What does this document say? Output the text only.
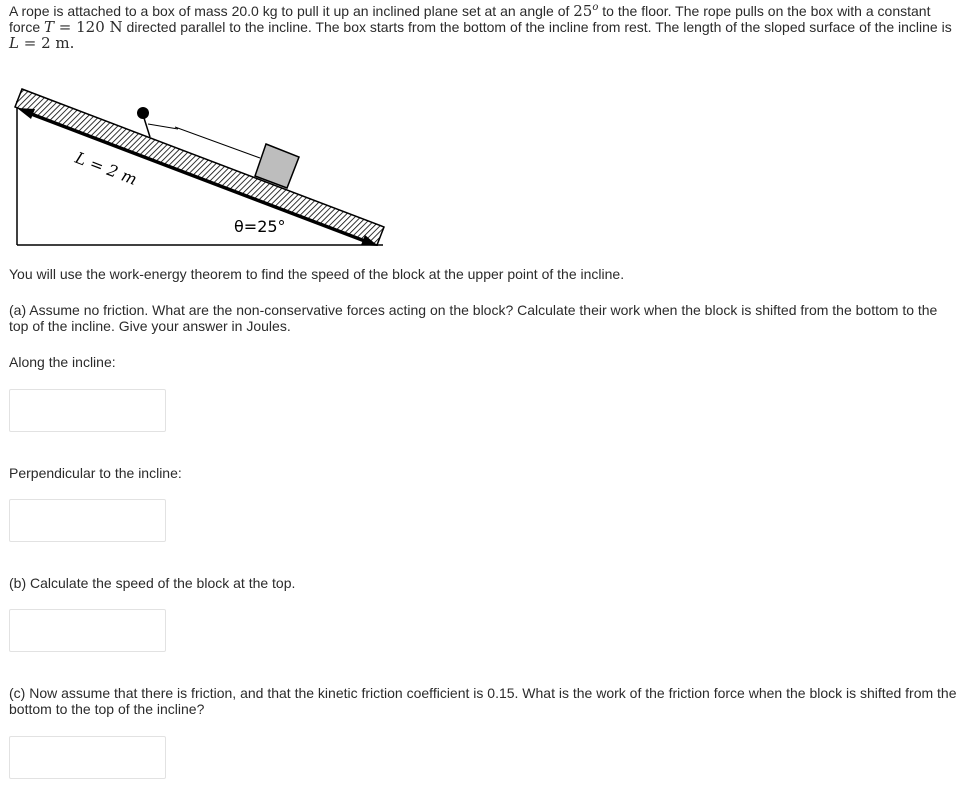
A rope is attached to a box of mass 20.0 kg to pull it up an inclined plane set at an angle of 25$^o$ to the floor. The rope pulls on the box with a constant force T = 120 N directed parallel to the incline. The box starts from the bottom of the incline from rest. The length of the sloped surface of the incline is L = 2 m.
L = 2 m
θ=25°
You will use the work-energy theorem to find the speed of the block at the upper point of the incline.
(a) Assume no friction. What are the non-conservative forces acting on the block? Calculate their work when the block is shifted from the bottom to the top of the incline. Give your answer in Joules.
Along the incline:
Perpendicular to the incline:
(b) Calculate the speed of the block at the top.
(c) Now assume that there is friction, and that the kinetic friction coefficient is 0.15. What is the work of the friction force when the block is shifted from the bottom to the top of the incline?
